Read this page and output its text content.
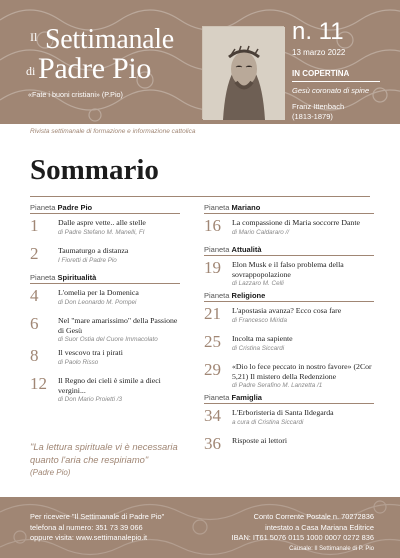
Il Settimanale
di Padre Pio
«Fate i buoni cristiani» (P.Pio)
n. 11
13 marzo 2022
IN COPERTINA
Gesù coronato di spine
Franz Ittenbach
(1813-1879)
Rivista settimanale di formazione e informazione cattolica
Sommario
Pianeta Padre Pio
1	Dalle aspre vette.. alle stelle
di Padre Stefano M. Manelli, FI
2	Taumaturgo a distanza
I Fioretti di Padre Pio
Pianeta Spiritualità
4	L'omelia per la Domenica
di Don Leonardo M. Pompei
6	Nel "mare amarissimo" della Passione di Gesù
di Suor Ostia del Cuore Immacolato
8	Il vescovo tra i pirati
di Paolo Risso
12 Il Regno dei cieli è simile a dieci vergini...
di Don Mario Proietti /3
Pianeta Mariano
16 La compassione di Maria soccorre Dante
di Mario Caldararo //
Pianeta Attualità
19 Elon Musk e il falso problema della sovrappopolazione
di Lazzaro M. Celli
Pianeta Religione
21 L'apostasia avanza? Ecco cosa fare
di Francesco Mirida
25 Incolta ma sapiente
di Cristina Siccardi
29 «Dio lo fece peccato in nostro favore» (2Cor 5,21) Il mistero della Redenzione
di Padre Serafino M. Lanzetta /1
Pianeta Famiglia
34 L'Erboristeria di Santa Ildegarda
a cura di Cristina Siccardi
36 Risposte ai lettori
"La lettura spirituale vi è necessaria quanto l'aria che respiriamo"
(Padre Pio)
Per ricevere "Il Settimanale di Padre Pio"
telefona al numero: 351 73 39 066
oppure visita: www.settimanalepio.it
Conto Corrente Postale n. 70272836
intestato a Casa Mariana Editrice
IBAN: IT61 5076 0115 1000 0007 0272 836
Causale: Il Settimanale di P. Pio
